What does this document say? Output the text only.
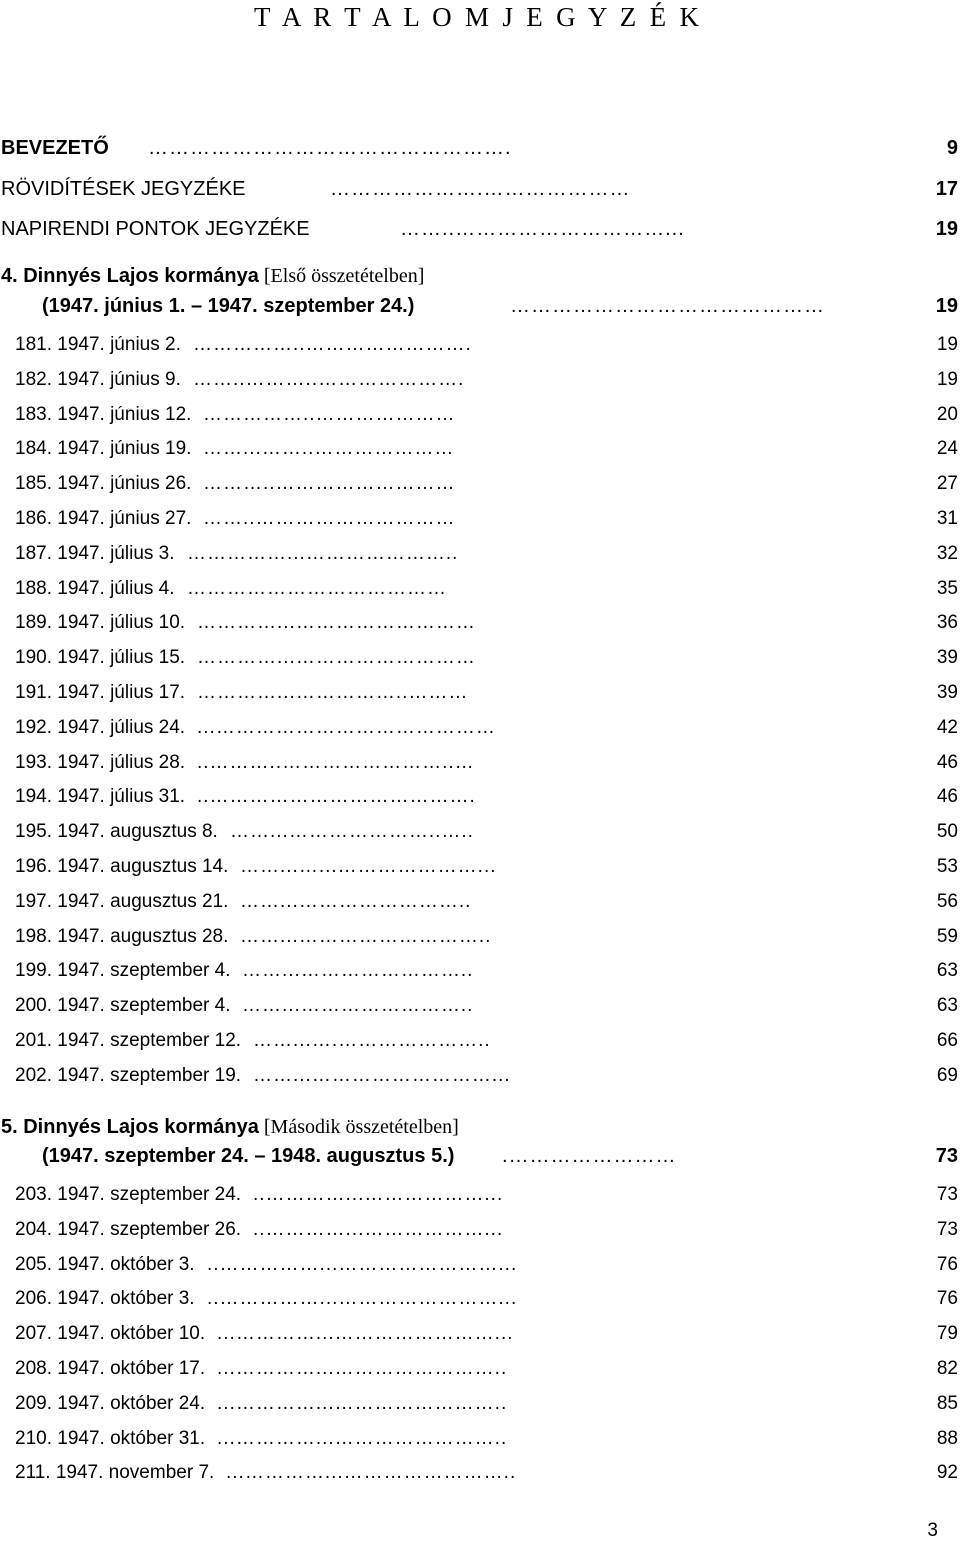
T A R T A L O M J E G Y Z É K
BEVEZETŐ …………………………………………….	9
RÖVIDÍTÉSEK JEGYZÉKE	………………….…………………	17
NAPIRENDI PONTOK JEGYZÉKE	……..…………………………...	19
4. Dinnyés Lajos kormánya [Első összetételben]
(1947. június 1. – 1947. szeptember 24.)	………………………………………	19
181. 1947. június 2. ……………..…………………….	19
182. 1947. június 9. ……..………..………………….	19
183. 1947. június 12. ……………..…………………	20
184. 1947. június 19. ……...……..…………………	24
185. 1947. június 26. ………..………………………	27
186. 1947. június 27. ……..…………………………	31
187. 1947. július 3. ……………...…………………..	32
188. 1947. július 4. …………………………………	35
189. 1947. július 10. …………...………………………	36
190. 1947. július 15. …………...………………………	39
191. 1947. július 17. …………...……………..………	39
192. 1947. július 24. ...……………………………………	42
193. 1947. július 28. ..………..……………………..…	46
194. 1947. július 31. ..………………………………….	46
195. 1947. augusztus 8. ……...…………………..…..	50
196. 1947. augusztus 14. ……...…...…………………...	53
197. 1947. augusztus 21. ……...……………………..	56
198. 1947. augusztus 28. ……...………………………..	59
199. 1947. szeptember 4. ……...……………………..	63
200. 1947. szeptember 4. ……...……………………..	63
201. 1947. szeptember 12. ……...….…………………..	66
202. 1947. szeptember 19. ……...………………………...	69
5. Dinnyés Lajos kormánya [Második összetételben]
(1947. szeptember 24. – 1948. augusztus 5.) .……………………	73
203. 1947. szeptember 24. ..…………...………………...	73
204. 1947. szeptember 26. ..…………...………………...	73
205. 1947. október 3. ..……………...……………………...	76
206. 1947. október 3. ..……………...……………………...	76
207. 1947. október 10. ...…………...……………………...	79
208. 1947. október 17. ...…………...……………………..	82
209. 1947. október 24. ...…………...……………………..	85
210. 1947. október 31. ...…………...……………………..	88
211. 1947. november 7. ...…………...……………………..	92
3
